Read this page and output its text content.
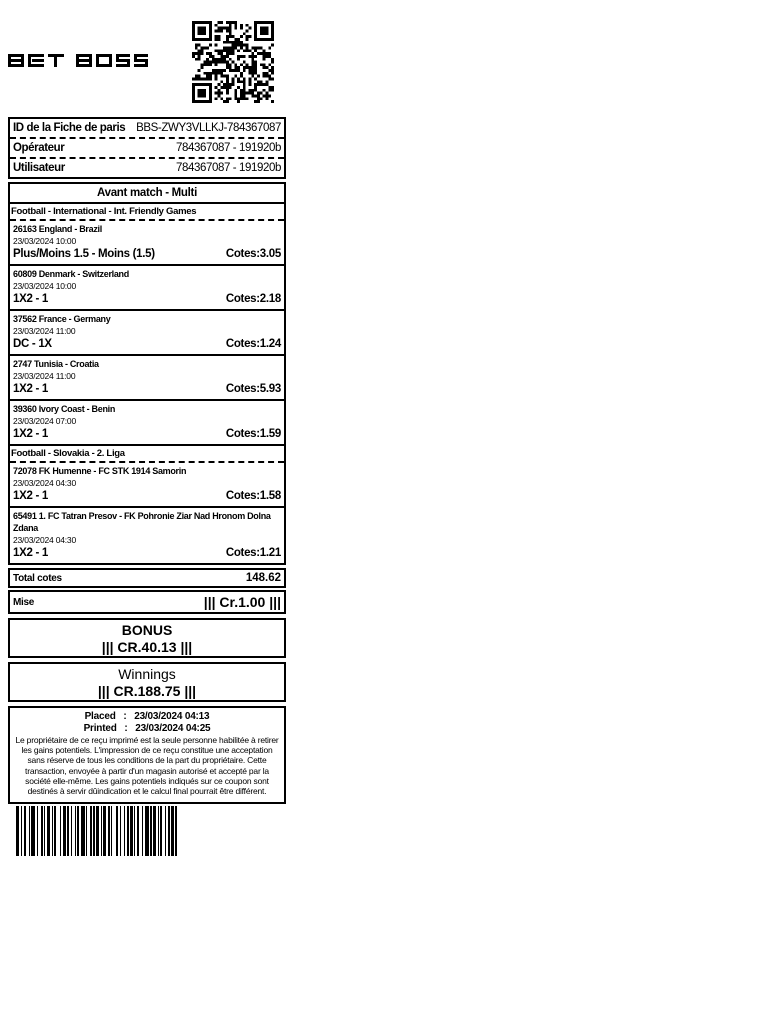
ID de la Fiche de paris BBS-ZWY3VLLKJ-784367087
Opérateur	784367087 - 191920b
Utilisateur	784367087 - 191920b
Avant match - Multi
Football - International - Int. Friendly Games
26163 England - Brazil
23/03/2024 10:00
Plus/Moins 1.5 - Moins (1.5)	Cotes:3.05
60809 Denmark - Switzerland
23/03/2024 10:00
1X2 - 1	Cotes:2.18
37562 France - Germany
23/03/2024 11:00
DC - 1X	Cotes:1.24
2747 Tunisia - Croatia
23/03/2024 11:00
1X2 - 1	Cotes:5.93
39360 Ivory Coast - Benin
23/03/2024 07:00
1X2 - 1	Cotes:1.59
Football - Slovakia - 2. Liga
72078 FK Humenne - FC STK 1914 Samorin
23/03/2024 04:30
1X2 - 1	Cotes:1.58
65491 1. FC Tatran Presov - FK Pohronie Ziar Nad Hronom Dolna Zdana
23/03/2024 04:30
1X2 - 1	Cotes:1.21
Total cotes	148.62
Mise	||| Cr.1.00 |||
BONUS
||| CR.40.13 |||
Winnings
||| CR.188.75 |||
Placed   :   23/03/2024 04:13
Printed   :   23/03/2024 04:25
Le propriétaire de ce reçu imprimé est la seule personne habilitée à retirer les gains potentiels. L'impression de ce reçu constitue une acceptation sans réserve de tous les conditions de la part du propriétaire. Cette transaction, envoyée à partir d'un magasin autorisé et accepté par la société elle-même. Les gains potentiels indiqués sur ce coupon sont destinés à servir dûindication et le calcul final pourrait être différent.
